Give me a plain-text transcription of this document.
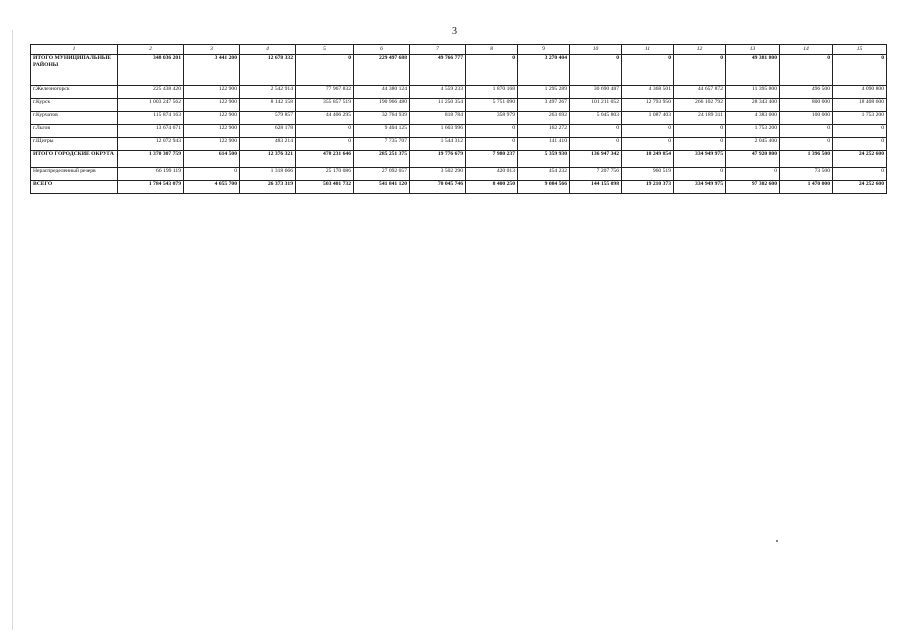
3
1	2	3	4	5	6	7	8	9	10	11	12	13	14	15
ИТОГО МУНИЦИПАЛЬНЫЕ РАЙОНЫ	348 036 201	3 441 200	12 678 332	0	229 497 688	49 766 777	0	3 270 404	0	0	0	49 381 800	0	0
г.Железногорск	225 438 420	122 900	2 542 914	77 967 832	44 380 124	4 559 233	1 870 168	1 295 289	30 690 487	4 368 501	44 657 872	11 395 800	496 500	4 090 800
г.Курск	1 003 247 562	122 900	8 142 158	355 857 519	190 966 480	11 250 354	5 751 090	3 497 267	101 211 052	12 793 950	266 102 792	28 343 400	800 000	18 408 600
г.Курчатов	115 874 163	122 900	579 857	44 406 295	32 764 939	818 784	358 979	263 692	5 045 803	1 087 403	24 189 311	4 383 000	100 000	1 753 200
г.Льгов	13 674 671	122 900	628 178	0	9 404 125	1 603 996	0	162 272	0	0	0	1 753 200	0	0
г.Щигры	12 072 943	122 900	483 214	0	7 735 707	1 544 312	0	141 410	0	0	0	2 045 400	0	0
ИТОГО ГОРОДСКИЕ ОКРУГА	1 370 307 759	614 500	12 376 321	478 231 646	285 251 375	19 776 679	7 980 237	5 359 930	136 947 342	18 249 854	334 949 975	47 920 800	1 396 500	24 252 600
Нераспределенный резерв	66 199 119	0	1 318 666	25 170 086	27 092 057	3 502 290	420 013	454 232	7 207 756	960 519	0	0	73 500	0
ВСЕГО	1 784 543 079	4 055 700	26 373 319	503 401 732	541 841 120	70 045 746	8 400 250	9 084 566	144 155 098	19 210 373	334 949 975	97 302 600	1 470 000	24 252 600
